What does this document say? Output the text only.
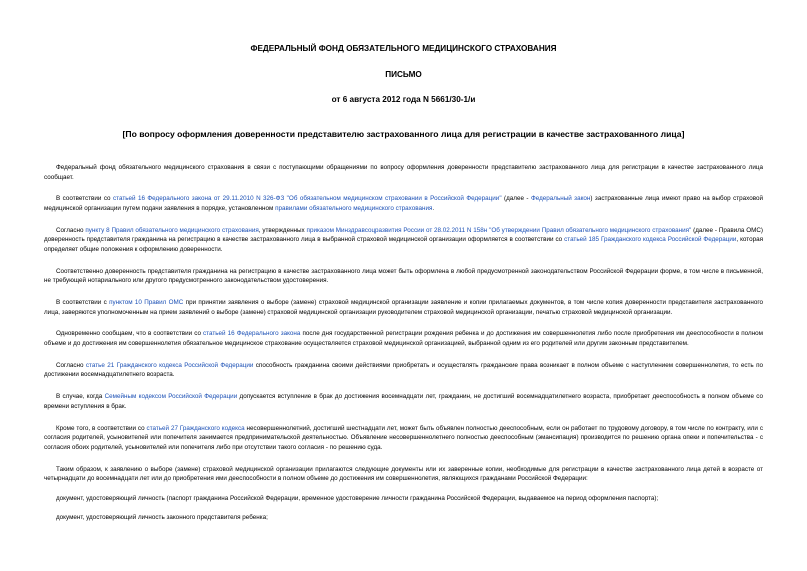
ФЕДЕРАЛЬНЫЙ ФОНД ОБЯЗАТЕЛЬНОГО МЕДИЦИНСКОГО СТРАХОВАНИЯ
ПИСЬМО
от 6 августа 2012 года N 5661/30-1/и
[По вопросу оформления доверенности представителю застрахованного лица для регистрации в качестве застрахованного лица]

Федеральный фонд обязательного медицинского страхования в связи с поступающими обращениями по вопросу оформления доверенности представителю застрахованного лица для регистрации в качестве застрахованного лица сообщает.

В соответствии со статьей 16 Федерального закона от 29.11.2010 N 326-ФЗ "Об обязательном медицинском страховании в Российской Федерации" (далее - Федеральный закон) застрахованные лица имеют право на выбор страховой медицинской организации путем подачи заявления в порядке, установленном правилами обязательного медицинского страхования.

Согласно пункту 8 Правил обязательного медицинского страхования, утвержденных приказом Минздравсоцразвития России от 28.02.2011 N 158н "Об утверждении Правил обязательного медицинского страхования" (далее - Правила ОМС) доверенность представителя гражданина на регистрацию в качестве застрахованного лица в выбранной страховой медицинской организации оформляется в соответствии со статьей 185 Гражданского кодекса Российской Федерации, которая определяет общие положения к оформлению доверенности.

Соответственно доверенность представителя гражданина на регистрацию в качестве застрахованного лица может быть оформлена в любой предусмотренной законодательством Российской Федерации форме, в том числе в письменной, не требующей нотариального или другого предусмотренного законодательством удостоверения.

В соответствии с пунктом 10 Правил ОМС при принятии заявления о выборе (замене) страховой медицинской организации заявление и копии прилагаемых документов, в том числе копия доверенности представителя застрахованного лица, заверяются уполномоченным на прием заявлений о выборе (замене) страховой медицинской организации руководителем страховой медицинской организации, печатью страховой медицинской организации.

Одновременно сообщаем, что в соответствии со статьей 16 Федерального закона после дня государственной регистрации рождения ребенка и до достижения им совершеннолетия либо после приобретения им дееспособности в полном объеме и до достижения им совершеннолетия обязательное медицинское страхование осуществляется страховой медицинской организацией, выбранной одним из его родителей или другим законным представителем.

Согласно статье 21 Гражданского кодекса Российской Федерации способность гражданина своими действиями приобретать и осуществлять гражданские права возникает в полном объеме с наступлением совершеннолетия, то есть по достижении восемнадцатилетнего возраста.

В случае, когда Семейным кодексом Российской Федерации допускается вступление в брак до достижения восемнадцати лет, гражданин, не достигший восемнадцатилетнего возраста, приобретает дееспособность в полном объеме со времени вступления в брак.

Кроме того, в соответствии со статьей 27 Гражданского кодекса несовершеннолетний, достигший шестнадцати лет, может быть объявлен полностью дееспособным, если он работает по трудовому договору, в том числе по контракту, или с согласия родителей, усыновителей или попечителя занимается предпринимательской деятельностью. Объявление несовершеннолетнего полностью дееспособным (эмансипация) производится по решению органа опеки и попечительства - с согласия обоих родителей, усыновителей или попечителя либо при отсутствии такого согласия - по решению суда.

Таким образом, к заявлению о выборе (замене) страховой медицинской организации прилагаются следующие документы или их заверенные копии, необходимые для регистрации в качестве застрахованного лица детей в возрасте от четырнадцати до восемнадцати лет или до приобретения ими дееспособности в полном объеме до достижения им совершеннолетия, являющихся гражданами Российской Федерации:

документ, удостоверяющий личность (паспорт гражданина Российской Федерации, временное удостоверение личности гражданина Российской Федерации, выдаваемое на период оформления паспорта);

документ, удостоверяющий личность законного представителя ребенка;
